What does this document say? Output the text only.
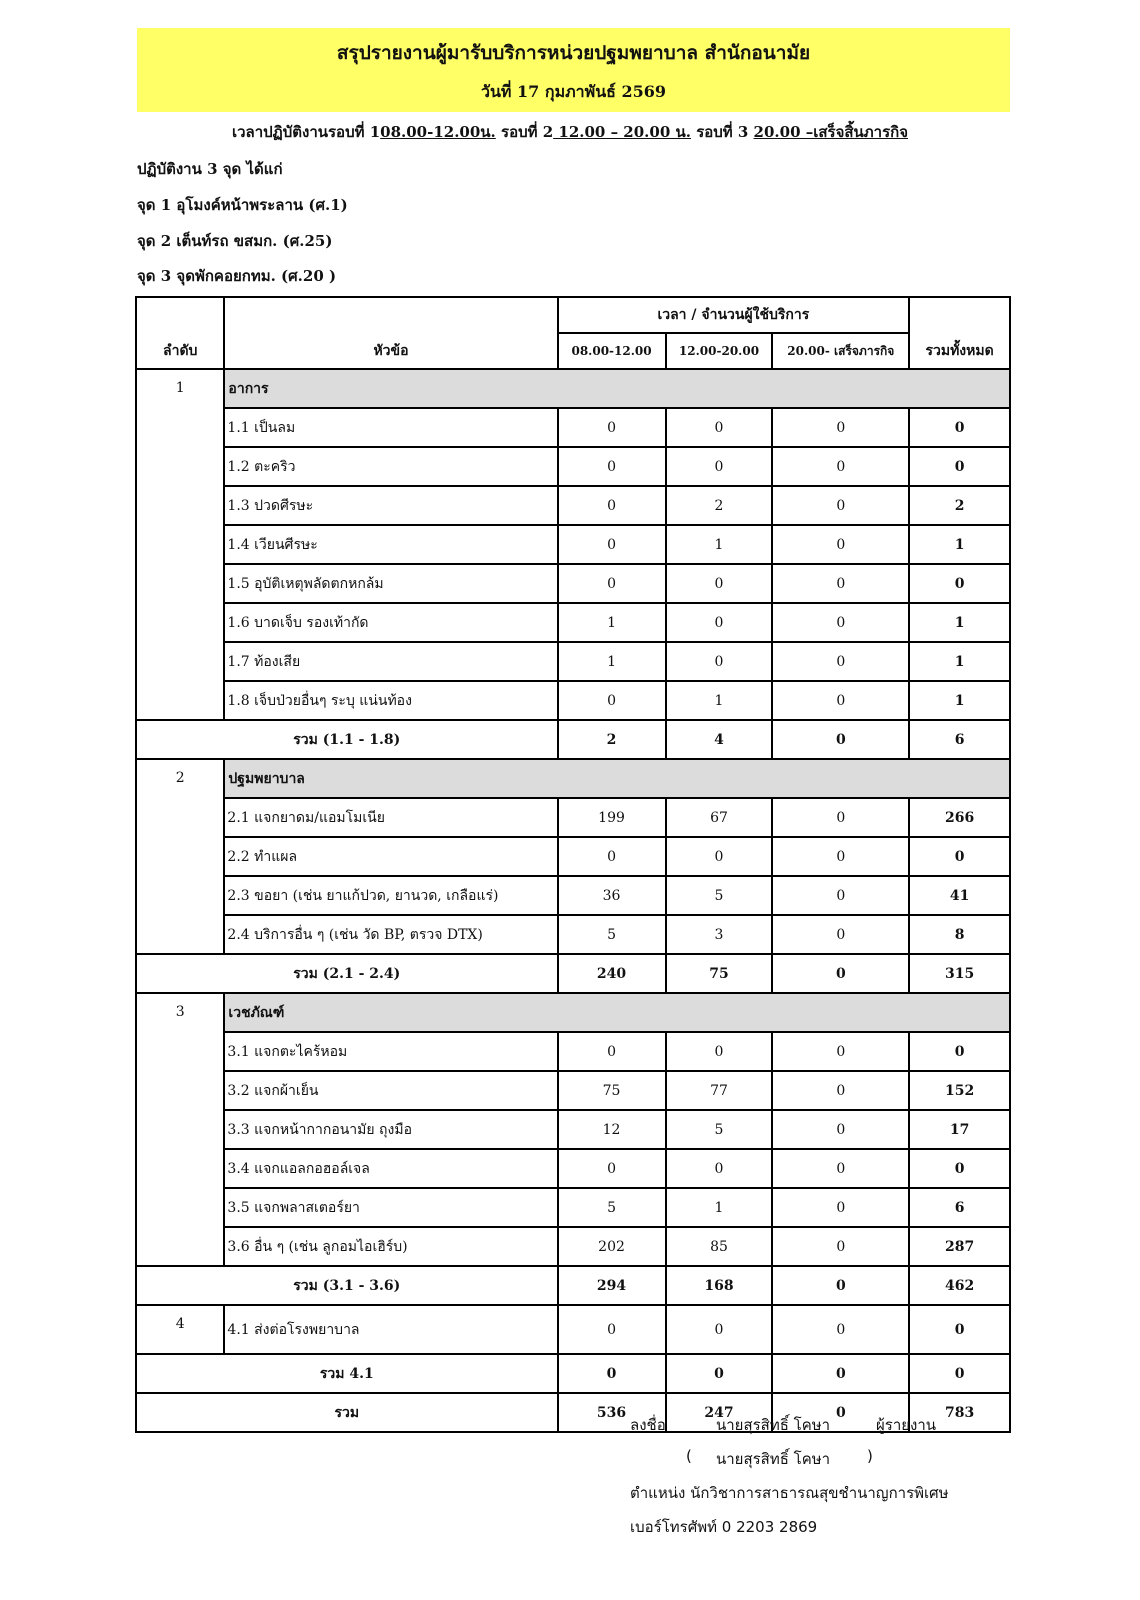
สรุปรายงานผู้มารับบริการหน่วยปฐมพยาบาล สำนักอนามัย
วันที่ 17 กุมภาพันธ์ 2569
เวลาปฏิบัติงานรอบที่ 108.00-12.00น. รอบที่ 2 12.00 – 20.00 น. รอบที่ 3 20.00 –เสร็จสิ้นภารกิจ
ปฏิบัติงาน 3 จุด ได้แก่
จุด 1 อุโมงค์หน้าพระลาน (ศ.1)
จุด 2 เต็นท์รถ ขสมก. (ศ.25)
จุด 3 จุดพักคอยกทม. (ศ.20 )
ลำดับ	หัวข้อ	เวลา / จำนวนผู้ใช้บริการ			รวมทั้งหมด
		08.00-12.00	12.00-20.00	20.00- เสร็จภารกิจ	
1	อาการ				
	1.1 เป็นลม	0	0	0	0
	1.2 ตะคริว	0	0	0	0
	1.3 ปวดศีรษะ	0	2	0	2
	1.4 เวียนศีรษะ	0	1	0	1
	1.5 อุบัติเหตุพลัดตกหกล้ม	0	0	0	0
	1.6 บาดเจ็บ รองเท้ากัด	1	0	0	1
	1.7 ท้องเสีย	1	0	0	1
	1.8 เจ็บป่วยอื่นๆ ระบุ แน่นท้อง	0	1	0	1
รวม (1.1 - 1.8)		2	4	0	6
2	ปฐมพยาบาล				
	2.1 แจกยาดม/แอมโมเนีย	199	67	0	266
	2.2 ทำแผล	0	0	0	0
	2.3 ขอยา (เช่น ยาแก้ปวด, ยานวด, เกลือแร่)	36	5	0	41
	2.4 บริการอื่น ๆ (เช่น วัด BP, ตรวจ DTX)	5	3	0	8
รวม (2.1 - 2.4)		240	75	0	315
3	เวชภัณฑ์				
	3.1 แจกตะไคร้หอม	0	0	0	0
	3.2 แจกผ้าเย็น	75	77	0	152
	3.3 แจกหน้ากากอนามัย ถุงมือ	12	5	0	17
	3.4 แจกแอลกอฮอล์เจล	0	0	0	0
	3.5 แจกพลาสเตอร์ยา	5	1	0	6
	3.6 อื่น ๆ (เช่น ลูกอมไอเฮิร์บ)	202	85	0	287
รวม (3.1 - 3.6)		294	168	0	462
4	4.1 ส่งต่อโรงพยาบาล	0	0	0	0
รวม 4.1		0	0	0	0
รวม		536	247	0	783
ลงชื่อ	นายสุรสิทธิ์ โคษา	ผู้รายงาน
( นายสุรสิทธิ์ โคษา )
ตำแหน่ง นักวิชาการสาธารณสุขชำนาญการพิเศษ
เบอร์โทรศัพท์ 0 2203 2869
